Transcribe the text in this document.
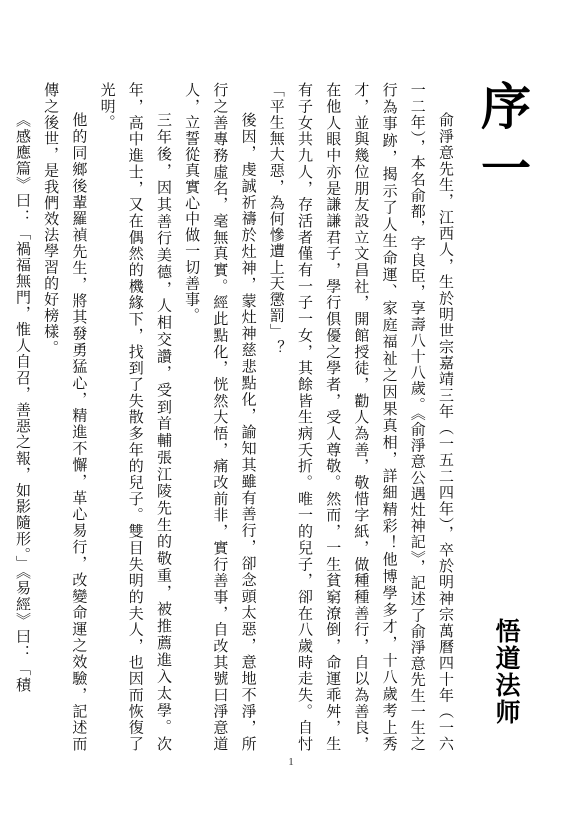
序一
悟道法师

俞淨意先生，江西人，生於明世宗嘉靖三年（一五二四年），卒於明神宗萬曆四十年（一六一二年），本名俞都，字良臣，享壽八十八歲。《俞淨意公遇灶神記》，記述了俞淨意先生一生之行為事跡，揭示了人生命運、家庭福祉之因果真相，詳細精彩！他博學多才，十八歲考上秀才，並與幾位朋友設立文昌社，開館授徒，勸人為善，敬惜字紙，做種種善行，自以為善良，在他人眼中亦是謙謙君子，學行俱優之學者，受人尊敬。然而，一生貧窮潦倒，命運乖舛，生有子女共九人，存活者僅有一子一女，其餘皆生病夭折。唯一的兒子，卻在八歲時走失。自忖「平生無大惡，為何慘遭上天懲罰」？

後因，虔誠祈禱於灶神，蒙灶神慈悲點化，諭知其雖有善行，卻念頭太惡，意地不淨，所行之善專務虛名，毫無真實。經此點化，恍然大悟，痛改前非，實行善事，自改其號曰淨意道人，立誓從真實心中做一切善事。

三年後，因其善行美德，人相交讚，受到首輔張江陵先生的敬重，被推薦進入太學。次年，高中進士，又在偶然的機緣下，找到了失散多年的兒子。雙目失明的夫人，也因而恢復了光明。

他的同鄉後輩羅禎先生，將其發勇猛心，精進不懈，革心易行，改變命運之效驗，記述而傳之後世，是我們效法學習的好榜樣。

《感應篇》曰：「禍福無門，惟人自召，善惡之報，如影隨形。」《易經》曰：「積

1
